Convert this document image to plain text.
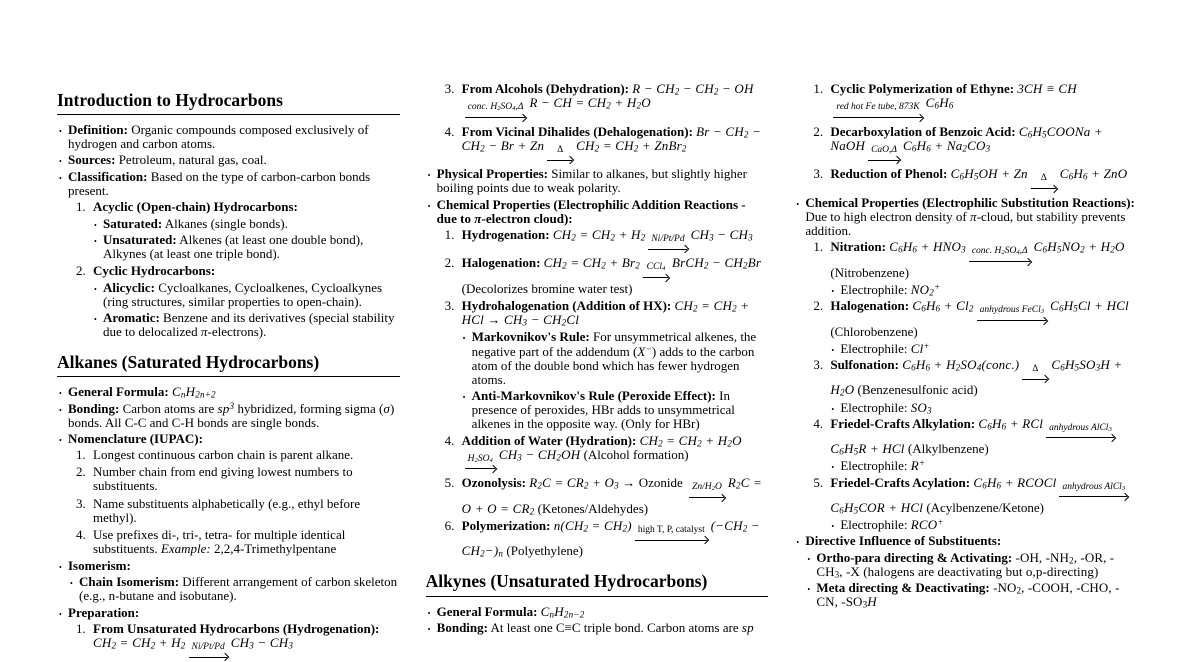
Introduction to Hydrocarbons
• Definition: Organic compounds composed exclusively of hydrogen and carbon atoms.
• Sources: Petroleum, natural gas, coal.
• Classification: Based on the type of carbon-carbon bonds present.
1. Acyclic (Open-chain) Hydrocarbons:
• Saturated: Alkanes (single bonds).
• Unsaturated: Alkenes (at least one double bond), Alkynes (at least one triple bond).
2. Cyclic Hydrocarbons:
• Alicyclic: Cycloalkanes, Cycloalkenes, Cycloalkynes (ring structures, similar properties to open-chain).
• Aromatic: Benzene and its derivatives (special stability due to delocalized π-electrons).
Alkanes (Saturated Hydrocarbons)
• General Formula: $C_nH_{2n+2}$
• Bonding: Carbon atoms are $sp^3$ hybridized, forming sigma (σ) bonds. All C-C and C-H bonds are single bonds.
• Nomenclature (IUPAC):
1. Longest continuous carbon chain is parent alkane.
2. Number chain from end giving lowest numbers to substituents.
3. Name substituents alphabetically (e.g., ethyl before methyl).
4. Use prefixes di-, tri-, tetra- for multiple identical substituents. Example: 2,2,4-Trimethylpentane
• Isomerism:
• Chain Isomerism: Different arrangement of carbon skeleton (e.g., n-butane and isobutane).
• Preparation:
1. From Unsaturated Hydrocarbons (Hydrogenation): $CH_2 = CH_2 + H_2$ Ni/Pt/Pd $CH_3 - CH_3$
3. From Alcohols (Dehydration): $R - CH_2 - CH_2$ − OH
conc. $H_2SO_4,\Delta$ R − CH = $CH_2 + H_2O$
4. From Vicinal Dihalides (Dehalogenation): $Br - CH_2 - CH_2 - Br + Zn$	Δ $CH_2 = CH_2$ + ZnBr$_2$
• Physical Properties: Similar to alkanes, but slightly higher boiling points due to weak polarity.
• Chemical Properties (Electrophilic Addition Reactions - due to π-electron cloud):
1. Hydrogenation: $CH_2 = CH_2 + H_2$ Ni/Pt/Pd $CH_3 - CH_3$
2. Halogenation: $CH_2 = CH_2 + Br_2$ CCl$_4$ BrCH$_2$ − $CH_2Br$ (Decolorizes bromine water test)
3. Hydrohalogenation (Addition of HX): $CH_2 = CH_2$ + HCl → $CH_3 - CH_2Cl$
• Markovnikov's Rule: For unsymmetrical alkenes, the negative part of the addendum (X−) adds to the carbon atom of the double bond which has fewer hydrogen atoms.
• Anti-Markovnikov's Rule (Peroxide Effect): In presence of peroxides, HBr adds to unsymmetrical alkenes in the opposite way. (Only for HBr)
4. Addition of Water (Hydration): $CH_2 = CH_2 + H_2O$
$H_2SO_4$ $CH_3 - CH_2OH$ (Alcohol formation)
5. Ozonolysis: $R_2C = CR_2 + O_3$ → Ozonide $Zn/H_2O$ $R_2C = O + O = CR_2$ (Ketones/Aldehydes)
6. Polymerization: $n(CH_2 = CH_2)$ high T, P, catalyst $(-CH_2 - CH_2-)_n$ (Polyethylene)
Alkynes (Unsaturated Hydrocarbons)
• General Formula: $C_nH_{2n-2}$
• Bonding: At least one C≡C triple bond. Carbon atoms are sp
1. Cyclic Polymerization of Ethyne: 3CH ≡ CH
red hot Fe tube, 873K $C_6H_6$
2. Decarboxylation of Benzoic Acid: $C_6H_5COONa$ + NaOH CaO,Δ $C_6H_6 + Na_2CO_3$
3. Reduction of Phenol: $C_6H_5OH + Zn$	Δ $C_6H_6$ + ZnO
• Chemical Properties (Electrophilic Substitution Reactions): Due to high electron density of π-cloud, but stability prevents addition.
1. Nitration: $C_6H_6 + HNO_3$ conc. $H_2SO_4,\Delta$ $C_6H_5NO_2 + H_2O$ (Nitrobenzene)
• Electrophile: $NO_2^+$
2. Halogenation: $C_6H_6 + Cl_2$ anhydrous FeCl$_3$ $C_6H_5Cl$ + HCl (Chlorobenzene)
• Electrophile: Cl+
3. Sulfonation: $C_6H_6$ + $H_2SO_4(conc.)$	Δ $C_6H_5SO_3H + H_2O$ (Benzenesulfonic acid)
• Electrophile: $SO_3$
4. Friedel-Crafts Alkylation: $C_6H_6$ + RCl anhydrous AlCl$_3$
$C_6H_5R$ + HCl (Alkylbenzene)
• Electrophile: R+
5. Friedel-Crafts Acylation: $C_6H_6$ + RCOCl anhydrous AlCl$_3$
$C_6H_5COR$ + HCl (Acylbenzene/Ketone)
• Electrophile: RCO+
• Directive Influence of Substituents:
• Ortho-para directing & Activating: -OH, $-NH_2$, -OR, $-CH_3$, -X (halogens are deactivating but o,p-directing)
• Meta directing & Deactivating: $-NO_2$, -COOH, -CHO, -CN, $-SO_3H$
